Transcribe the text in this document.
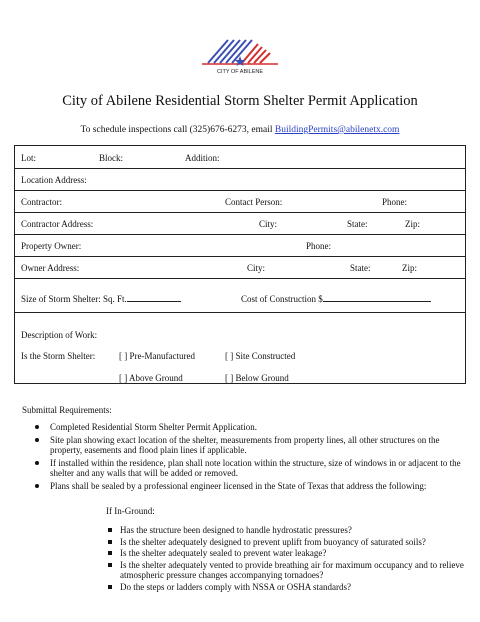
CITY OF ABILENE
City of Abilene Residential Storm Shelter Permit Application
To schedule inspections call (325)676-6273, email BuildingPermits@abilenetx.com
Lot:	Block:	Addition:
Location Address:
Contractor:	Contact Person:	Phone:
Contractor Address:	City:	State:	Zip:
Property Owner:	Phone:
Owner Address:	City:	State:	Zip:
Size of Storm Shelter: Sq. Ft.	Cost of Construction $
Description of Work:
Is the Storm Shelter:	[ ] Pre-Manufactured	[ ] Site Constructed
[ ] Above Ground	[ ] Below Ground
Submittal Requirements:
Completed Residential Storm Shelter Permit Application.
Site plan showing exact location of the shelter, measurements from property lines, all other structures on the property, easements and flood plain lines if applicable.
If installed within the residence, plan shall note location within the structure, size of windows in or adjacent to the shelter and any walls that will be added or removed.
Plans shall be sealed by a professional engineer licensed in the State of Texas that address the following:
If In-Ground:
Has the structure been designed to handle hydrostatic pressures?
Is the shelter adequately designed to prevent uplift from buoyancy of saturated soils?
Is the shelter adequately sealed to prevent water leakage?
Is the shelter adequately vented to provide breathing air for maximum occupancy and to relieve atmospheric pressure changes accompanying tornadoes?
Do the steps or ladders comply with NSSA or OSHA standards?
